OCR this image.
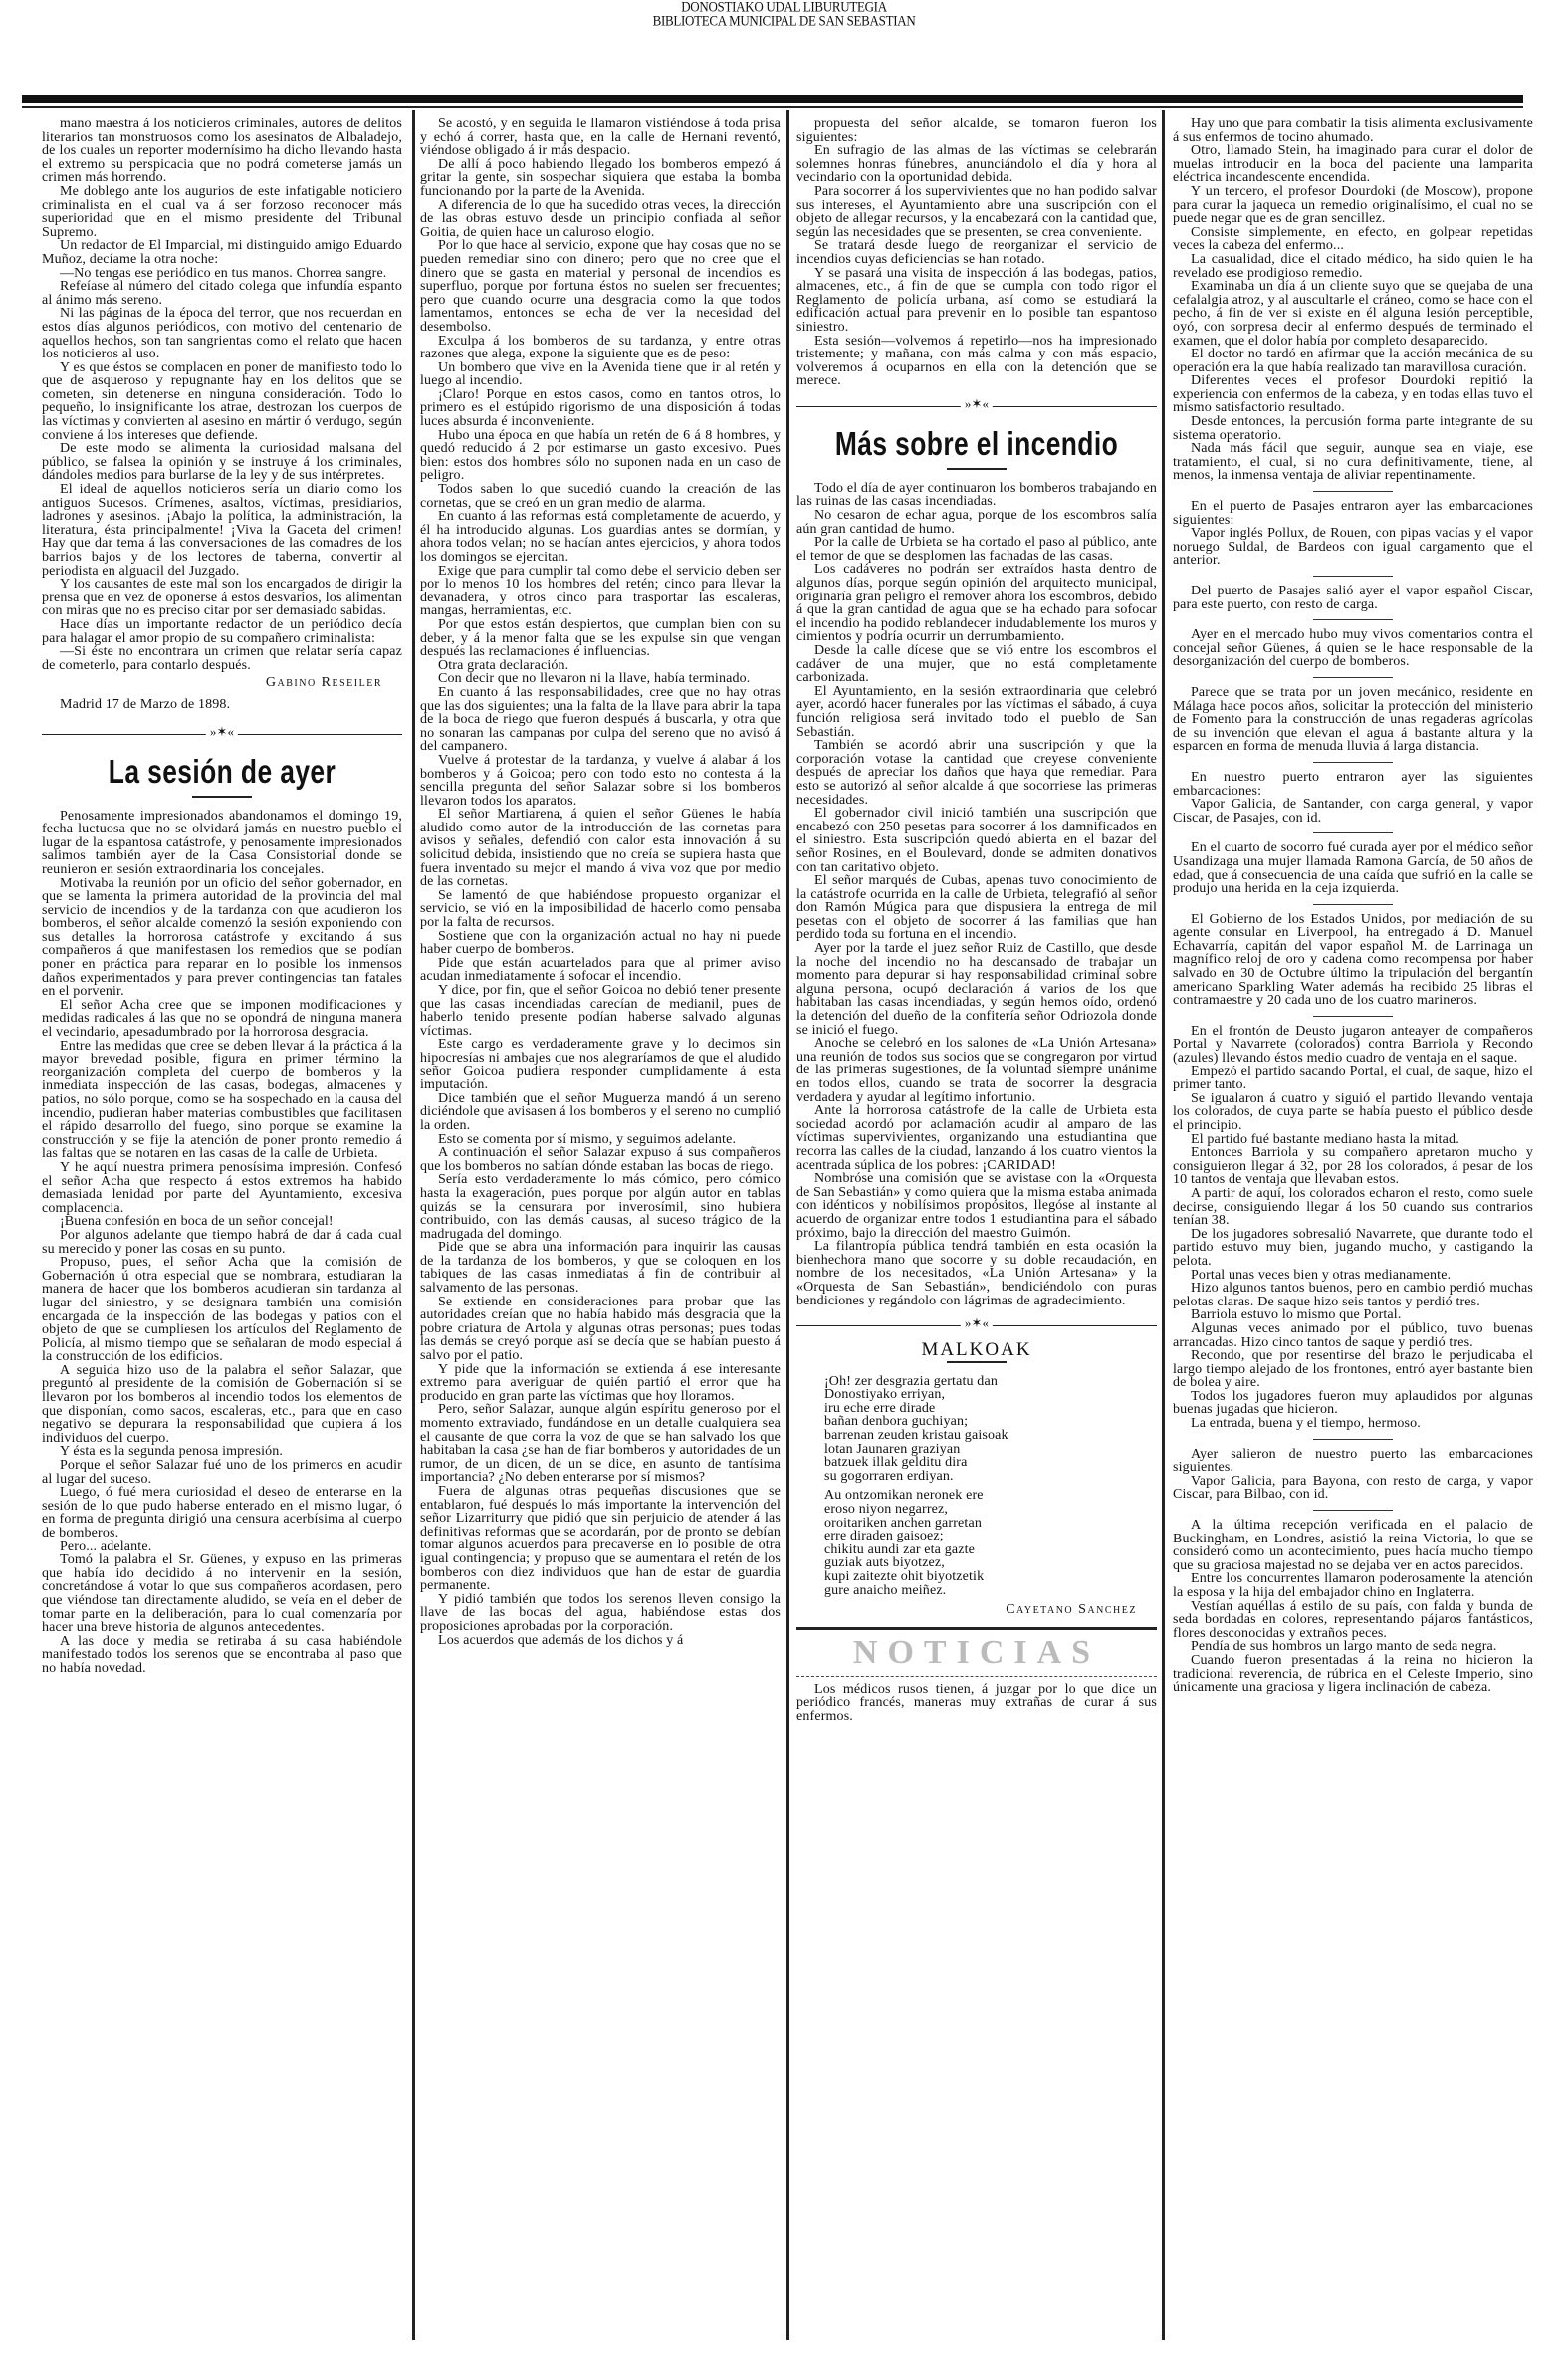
DONOSTIAKO UDAL LIBURUTEGIA
BIBLIOTECA MUNICIPAL DE SAN SEBASTIAN

mano maestra á los noticieros criminales, autores de delitos literarios tan monstruosos como los asesinatos de Albaladejo, de los cuales un reporter modernísimo ha dicho llevando hasta el extremo su perspicacia que no podrá cometerse jamás un crimen más horrendo.

Me doblego ante los augurios de este infatigable noticiero criminalista en el cual va á ser forzoso reconocer más superioridad que en el mismo presidente del Tribunal Supremo.

Un redactor de El Imparcial, mi distinguido amigo Eduardo Muñoz, decíame la otra noche:

—No tengas ese periódico en tus manos. Chorrea sangre.

Refeíase al número del citado colega que infundía espanto al ánimo más sereno.

Ni las páginas de la época del terror, que nos recuerdan en estos días algunos periódicos, con motivo del centenario de aquellos hechos, son tan sangrientas como el relato que hacen los noticieros al uso.

Y es que éstos se complacen en poner de manifiesto todo lo que de asqueroso y repugnante hay en los delitos que se cometen, sin detenerse en ninguna consideración. Todo lo pequeño, lo insignificante los atrae, destrozan los cuerpos de las víctimas y convierten al asesino en mártir ó verdugo, según conviene á los intereses que defiende.

De este modo se alimenta la curiosidad malsana del público, se falsea la opinión y se instruye á los criminales, dándoles medios para burlarse de la ley y de sus intérpretes.

El ideal de aquellos noticieros sería un diario como los antiguos Sucesos. Crímenes, asaltos, víctimas, presidiarios, ladrones y asesinos. ¡Abajo la política, la administración, la literatura, ésta principalmente! ¡Viva la Gaceta del crimen! Hay que dar tema á las conversaciones de las comadres de los barrios bajos y de los lectores de taberna, convertir al periodista en alguacil del Juzgado.

Y los causantes de este mal son los encargados de dirigir la prensa que en vez de oponerse á estos desvaríos, los alimentan con miras que no es preciso citar por ser demasiado sabidas.

Hace días un importante redactor de un periódico decía para halagar el amor propio de su compañero criminalista:

—Si éste no encontrara un crimen que relatar sería capaz de cometerlo, para contarlo después.

Gabino Reseiler
Madrid 17 de Marzo de 1898.
»✶«
La sesión de ayer

Penosamente impresionados abandonamos el domingo 19, fecha luctuosa que no se olvidará jamás en nuestro pueblo el lugar de la espantosa catástrofe, y penosamente impresionados salimos también ayer de la Casa Consistorial donde se reunieron en sesión extraordinaria los concejales.

Motivaba la reunión por un oficio del señor gobernador, en que se lamenta la primera autoridad de la provincia del mal servicio de incendios y de la tardanza con que acudieron los bomberos, el señor alcalde comenzó la sesión exponiendo con sus detalles la horrorosa catástrofe y excitando á sus compañeros á que manifestasen los remedios que se podían poner en práctica para reparar en lo posible los inmensos daños experimentados y para prever contingencias tan fatales en el porvenir.

El señor Acha cree que se imponen modificaciones y medidas radicales á las que no se opondrá de ninguna manera el vecindario, apesadumbrado por la horrorosa desgracia.

Entre las medidas que cree se deben llevar á la práctica á la mayor brevedad posible, figura en primer término la reorganización completa del cuerpo de bomberos y la inmediata inspección de las casas, bodegas, almacenes y patios, no sólo porque, como se ha sospechado en la causa del incendio, pudieran haber materias combustibles que facilitasen el rápido desarrollo del fuego, sino porque se examine la construcción y se fije la atención de poner pronto remedio á las faltas que se notaren en las casas de la calle de Urbieta.

Y he aquí nuestra primera penosísima impresión. Confesó el señor Acha que respecto á estos extremos ha habido demasiada lenidad por parte del Ayuntamiento, excesiva complacencia.

¡Buena confesión en boca de un señor concejal!

Por algunos adelante que tiempo habrá de dar á cada cual su merecido y poner las cosas en su punto.

Propuso, pues, el señor Acha que la comisión de Gobernación ú otra especial que se nombrara, estudiaran la manera de hacer que los bomberos acudieran sin tardanza al lugar del siniestro, y se designara también una comisión encargada de la inspección de las bodegas y patios con el objeto de que se cumpliesen los artículos del Reglamento de Policía, al mismo tiempo que se señalaran de modo especial á la construcción de los edificios.

A seguida hizo uso de la palabra el señor Salazar, que preguntó al presidente de la comisión de Gobernación si se llevaron por los bomberos al incendio todos los elementos de que disponían, como sacos, escaleras, etc., para que en caso negativo se depurara la responsabilidad que cupiera á los individuos del cuerpo.

Y ésta es la segunda penosa impresión.

Porque el señor Salazar fué uno de los primeros en acudir al lugar del suceso.

Luego, ó fué mera curiosidad el deseo de enterarse en la sesión de lo que pudo haberse enterado en el mismo lugar, ó en forma de pregunta dirigió una censura acerbísima al cuerpo de bomberos.

Pero... adelante.

Tomó la palabra el Sr. Güenes, y expuso en las primeras que había ido decidido á no intervenir en la sesión, concretándose á votar lo que sus compañeros acordasen, pero que viéndose tan directamente aludido, se veía en el deber de tomar parte en la deliberación, para lo cual comenzaría por hacer una breve historia de algunos antecedentes.

A las doce y media se retiraba á su casa habiéndole manifestado todos los serenos que se encontraba al paso que no había novedad.

Se acostó, y en seguida le llamaron vistiéndose á toda prisa y echó á correr, hasta que, en la calle de Hernani reventó, viéndose obligado á ir más despacio.

De allí á poco habiendo llegado los bomberos empezó á gritar la gente, sin sospechar siquiera que estaba la bomba funcionando por la parte de la Avenida.

A diferencia de lo que ha sucedido otras veces, la dirección de las obras estuvo desde un principio confiada al señor Goitia, de quien hace un caluroso elogio.

Por lo que hace al servicio, expone que hay cosas que no se pueden remediar sino con dinero; pero que no cree que el dinero que se gasta en material y personal de incendios es superfluo, porque por fortuna éstos no suelen ser frecuentes; pero que cuando ocurre una desgracia como la que todos lamentamos, entonces se echa de ver la necesidad del desembolso.

Exculpa á los bomberos de su tardanza, y entre otras razones que alega, expone la siguiente que es de peso:

Un bombero que vive en la Avenida tiene que ir al retén y luego al incendio.

¡Claro! Porque en estos casos, como en tantos otros, lo primero es el estúpido rigorismo de una disposición á todas luces absurda é inconveniente.

Hubo una época en que había un retén de 6 á 8 hombres, y quedó reducido á 2 por estimarse un gasto excesivo. Pues bien: estos dos hombres sólo no suponen nada en un caso de peligro.

Todos saben lo que sucedió cuando la creación de las cornetas, que se creó en un gran medio de alarma.

En cuanto á las reformas está completamente de acuerdo, y él ha introducido algunas. Los guardias antes se dormían, y ahora todos velan; no se hacían antes ejercicios, y ahora todos los domingos se ejercitan.

Exige que para cumplir tal como debe el servicio deben ser por lo menos 10 los hombres del retén; cinco para llevar la devanadera, y otros cinco para trasportar las escaleras, mangas, herramientas, etc.

Por que estos están despiertos, que cumplan bien con su deber, y á la menor falta que se les expulse sin que vengan después las reclamaciones é influencias.

Otra grata declaración.

Con decir que no llevaron ni la llave, había terminado.

En cuanto á las responsabilidades, cree que no hay otras que las dos siguientes; una la falta de la llave para abrir la tapa de la boca de riego que fueron después á buscarla, y otra que no sonaran las campanas por culpa del sereno que no avisó á del campanero.

Vuelve á protestar de la tardanza, y vuelve á alabar á los bomberos y á Goicoa; pero con todo esto no contesta á la sencilla pregunta del señor Salazar sobre si los bomberos llevaron todos los aparatos.

El señor Martiarena, á quien el señor Güenes le había aludido como autor de la introducción de las cornetas para avisos y señales, defendió con calor esta innovación á su solicitud debida, insistiendo que no creía se supiera hasta que fuera inventado su mejor el mando á viva voz que por medio de las cornetas.

Se lamentó de que habiéndose propuesto organizar el servicio, se vió en la imposibilidad de hacerlo como pensaba por la falta de recursos.

Sostiene que con la organización actual no hay ni puede haber cuerpo de bomberos.

Pide que están acuartelados para que al primer aviso acudan inmediatamente á sofocar el incendio.

Y dice, por fin, que el señor Goicoa no debió tener presente que las casas incendiadas carecían de medianil, pues de haberlo tenido presente podían haberse salvado algunas víctimas.

Este cargo es verdaderamente grave y lo decimos sin hipocresías ni ambajes que nos alegraríamos de que el aludido señor Goicoa pudiera responder cumplidamente á esta imputación.

Dice también que el señor Muguerza mandó á un sereno diciéndole que avisasen á los bomberos y el sereno no cumplió la orden.

Esto se comenta por sí mismo, y seguimos adelante.

A continuación el señor Salazar expuso á sus compañeros que los bomberos no sabían dónde estaban las bocas de riego.

Sería esto verdaderamente lo más cómico, pero cómico hasta la exageración, pues porque por algún autor en tablas quizás se la censurara por inverosímil, sino hubiera contribuido, con las demás causas, al suceso trágico de la madrugada del domingo.

Pide que se abra una información para inquirir las causas de la tardanza de los bomberos, y que se coloquen en los tabiques de las casas inmediatas á fin de contribuir al salvamento de las personas.

Se extiende en consideraciones para probar que las autoridades creían que no había habido más desgracia que la pobre criatura de Artola y algunas otras personas; pues todas las demás se creyó porque así se decía que se habían puesto á salvo por el patio.

Y pide que la información se extienda á ese interesante extremo para averiguar de quién partió el error que ha producido en gran parte las víctimas que hoy lloramos.

Pero, señor Salazar, aunque algún espíritu generoso por el momento extraviado, fundándose en un detalle cualquiera sea el causante de que corra la voz de que se han salvado los que habitaban la casa ¿se han de fiar bomberos y autoridades de un rumor, de un dicen, de un se dice, en asunto de tantísima importancia? ¿No deben enterarse por sí mismos?

Fuera de algunas otras pequeñas discusiones que se entablaron, fué después lo más importante la intervención del señor Lizarriturry que pidió que sin perjuicio de atender á las definitivas reformas que se acordarán, por de pronto se debían tomar algunos acuerdos para precaverse en lo posible de otra igual contingencia; y propuso que se aumentara el retén de los bomberos con diez individuos que han de estar de guardia permanente.

Y pidió también que todos los serenos lleven consigo la llave de las bocas del agua, habiéndose estas dos proposiciones aprobadas por la corporación.

Los acuerdos que además de los dichos y á

propuesta del señor alcalde, se tomaron fueron los siguientes:

En sufragio de las almas de las víctimas se celebrarán solemnes honras fúnebres, anunciándolo el día y hora al vecindario con la oportunidad debida.

Para socorrer á los supervivientes que no han podido salvar sus intereses, el Ayuntamiento abre una suscripción con el objeto de allegar recursos, y la encabezará con la cantidad que, según las necesidades que se presenten, se crea conveniente.

Se tratará desde luego de reorganizar el servicio de incendios cuyas deficiencias se han notado.

Y se pasará una visita de inspección á las bodegas, patios, almacenes, etc., á fin de que se cumpla con todo rigor el Reglamento de policía urbana, así como se estudiará la edificación actual para prevenir en lo posible tan espantoso siniestro.

Esta sesión—volvemos á repetirlo—nos ha impresionado tristemente; y mañana, con más calma y con más espacio, volveremos á ocuparnos en ella con la detención que se merece.

»✶«
Más sobre el incendio

Todo el día de ayer continuaron los bomberos trabajando en las ruinas de las casas incendiadas.

No cesaron de echar agua, porque de los escombros salía aún gran cantidad de humo.

Por la calle de Urbieta se ha cortado el paso al público, ante el temor de que se desplomen las fachadas de las casas.

Los cadáveres no podrán ser extraídos hasta dentro de algunos días, porque según opinión del arquitecto municipal, originaría gran peligro el remover ahora los escombros, debido á que la gran cantidad de agua que se ha echado para sofocar el incendio ha podido reblandecer indudablemente los muros y cimientos y podría ocurrir un derrumbamiento.

Desde la calle dícese que se vió entre los escombros el cadáver de una mujer, que no está completamente carbonizada.

El Ayuntamiento, en la sesión extraordinaria que celebró ayer, acordó hacer funerales por las víctimas el sábado, á cuya función religiosa será invitado todo el pueblo de San Sebastián.

También se acordó abrir una suscripción y que la corporación votase la cantidad que creyese conveniente después de apreciar los daños que haya que remediar. Para esto se autorizó al señor alcalde á que socorriese las primeras necesidades.

El gobernador civil inició también una suscripción que encabezó con 250 pesetas para socorrer á los damnificados en el siniestro. Esta suscripción quedó abierta en el bazar del señor Rosines, en el Boulevard, donde se admiten donativos con tan caritativo objeto.

El señor marqués de Cubas, apenas tuvo conocimiento de la catástrofe ocurrida en la calle de Urbieta, telegrafió al señor don Ramón Múgica para que dispusiera la entrega de mil pesetas con el objeto de socorrer á las familias que han perdido toda su fortuna en el incendio.

Ayer por la tarde el juez señor Ruiz de Castillo, que desde la noche del incendio no ha descansado de trabajar un momento para depurar si hay responsabilidad criminal sobre alguna persona, ocupó declaración á varios de los que habitaban las casas incendiadas, y según hemos oído, ordenó la detención del dueño de la confitería señor Odriozola donde se inició el fuego.

Anoche se celebró en los salones de «La Unión Artesana» una reunión de todos sus socios que se congregaron por virtud de las primeras sugestiones, de la voluntad siempre unánime en todos ellos, cuando se trata de socorrer la desgracia verdadera y ayudar al legítimo infortunio.

Ante la horrorosa catástrofe de la calle de Urbieta esta sociedad acordó por aclamación acudir al amparo de las víctimas supervivientes, organizando una estudiantina que recorra las calles de la ciudad, lanzando á los cuatro vientos la acentrada súplica de los pobres: ¡CARIDAD!

Nombróse una comisión que se avistase con la «Orquesta de San Sebastián» y como quiera que la misma estaba animada con idénticos y nobilísimos propósitos, llegóse al instante al acuerdo de organizar entre todos 1 estudiantina para el sábado próximo, bajo la dirección del maestro Guimón.

La filantropía pública tendrá también en esta ocasión la bienhechora mano que socorre y su doble recaudación, en nombre de los necesitados, «La Unión Artesana» y la «Orquesta de San Sebastián», bendiciéndolo con puras bendiciones y regándolo con lágrimas de agradecimiento.

»✶«
MALKOAK
¡Oh! zer desgrazia gertatu dan
Donostiyako erriyan,
iru eche erre dirade
bañan denbora guchiyan;
barrenan zeuden kristau gaisoak
lotan Jaunaren graziyan
batzuek illak gelditu dira
su gogorraren erdiyan.
Au ontzomikan neronek ere
eroso niyon negarrez,
oroitariken anchen garretan
erre diraden gaisoez;
chikitu aundi zar eta gazte
guziak auts biyotzez,
kupi zaitezte ohit biyotzetik
gure anaicho meiñez.
Cayetano Sanchez
NOTICIAS

Los médicos rusos tienen, á juzgar por lo que dice un periódico francés, maneras muy extrañas de curar á sus enfermos.

Hay uno que para combatir la tisis alimenta exclusivamente á sus enfermos de tocino ahumado.

Otro, llamado Stein, ha imaginado para curar el dolor de muelas introducir en la boca del paciente una lamparita eléctrica incandescente encendida.

Y un tercero, el profesor Dourdoki (de Moscow), propone para curar la jaqueca un remedio originalísimo, el cual no se puede negar que es de gran sencillez.

Consiste simplemente, en efecto, en golpear repetidas veces la cabeza del enfermo...

La casualidad, dice el citado médico, ha sido quien le ha revelado ese prodigioso remedio.

Examinaba un día á un cliente suyo que se quejaba de una cefalalgia atroz, y al auscultarle el cráneo, como se hace con el pecho, á fin de ver si existe en él alguna lesión perceptible, oyó, con sorpresa decir al enfermo después de terminado el examen, que el dolor había por completo desaparecido.

El doctor no tardó en afirmar que la acción mecánica de su operación era la que había realizado tan maravillosa curación.

Diferentes veces el profesor Dourdoki repitió la experiencia con enfermos de la cabeza, y en todas ellas tuvo el mismo satisfactorio resultado.

Desde entonces, la percusión forma parte integrante de su sistema operatorio.

Nada más fácil que seguir, aunque sea en viaje, ese tratamiento, el cual, si no cura definitivamente, tiene, al menos, la inmensa ventaja de aliviar repentinamente.

En el puerto de Pasajes entraron ayer las embarcaciones siguientes:

Vapor inglés Pollux, de Rouen, con pipas vacías y el vapor noruego Suldal, de Bardeos con igual cargamento que el anterior.

Del puerto de Pasajes salió ayer el vapor español Ciscar, para este puerto, con resto de carga.

Ayer en el mercado hubo muy vivos comentarios contra el concejal señor Güenes, á quien se le hace responsable de la desorganización del cuerpo de bomberos.

Parece que se trata por un joven mecánico, residente en Málaga hace pocos años, solicitar la protección del ministerio de Fomento para la construcción de unas regaderas agrícolas de su invención que elevan el agua á bastante altura y la esparcen en forma de menuda lluvia á larga distancia.

En nuestro puerto entraron ayer las siguientes embarcaciones:

Vapor Galicia, de Santander, con carga general, y vapor Ciscar, de Pasajes, con id.

En el cuarto de socorro fué curada ayer por el médico señor Usandizaga una mujer llamada Ramona García, de 50 años de edad, que á consecuencia de una caída que sufrió en la calle se produjo una herida en la ceja izquierda.

El Gobierno de los Estados Unidos, por mediación de su agente consular en Liverpool, ha entregado á D. Manuel Echavarría, capitán del vapor español M. de Larrinaga un magnífico reloj de oro y cadena como recompensa por haber salvado en 30 de Octubre último la tripulación del bergantín americano Sparkling Water además ha recibido 25 libras el contramaestre y 20 cada uno de los cuatro marineros.

En el frontón de Deusto jugaron anteayer de compañeros Portal y Navarrete (colorados) contra Barriola y Recondo (azules) llevando éstos medio cuadro de ventaja en el saque.

Empezó el partido sacando Portal, el cual, de saque, hizo el primer tanto.

Se igualaron á cuatro y siguió el partido llevando ventaja los colorados, de cuya parte se había puesto el público desde el principio.

El partido fué bastante mediano hasta la mitad.

Entonces Barriola y su compañero apretaron mucho y consiguieron llegar á 32, por 28 los colorados, á pesar de los 10 tantos de ventaja que llevaban estos.

A partir de aquí, los colorados echaron el resto, como suele decirse, consiguiendo llegar á los 50 cuando sus contrarios tenían 38.

De los jugadores sobresalió Navarrete, que durante todo el partido estuvo muy bien, jugando mucho, y castigando la pelota.

Portal unas veces bien y otras medianamente.

Hizo algunos tantos buenos, pero en cambio perdió muchas pelotas claras. De saque hizo seis tantos y perdió tres.

Barriola estuvo lo mismo que Portal.

Algunas veces animado por el público, tuvo buenas arrancadas. Hizo cinco tantos de saque y perdió tres.

Recondo, que por resentirse del brazo le perjudicaba el largo tiempo alejado de los frontones, entró ayer bastante bien de bolea y aire.

Todos los jugadores fueron muy aplaudidos por algunas buenas jugadas que hicieron.

La entrada, buena y el tiempo, hermoso.

Ayer salieron de nuestro puerto las embarcaciones siguientes.

Vapor Galicia, para Bayona, con resto de carga, y vapor Ciscar, para Bilbao, con id.

A la última recepción verificada en el palacio de Buckingham, en Londres, asistió la reina Victoria, lo que se consideró como un acontecimiento, pues hacía mucho tiempo que su graciosa majestad no se dejaba ver en actos parecidos.

Entre los concurrentes llamaron poderosamente la atención la esposa y la hija del embajador chino en Inglaterra.

Vestían aquéllas á estilo de su país, con falda y bunda de seda bordadas en colores, representando pájaros fantásticos, flores desconocidas y extraños peces.

Pendía de sus hombros un largo manto de seda negra.

Cuando fueron presentadas á la reina no hicieron la tradicional reverencia, de rúbrica en el Celeste Imperio, sino únicamente una graciosa y ligera inclinación de cabeza.
